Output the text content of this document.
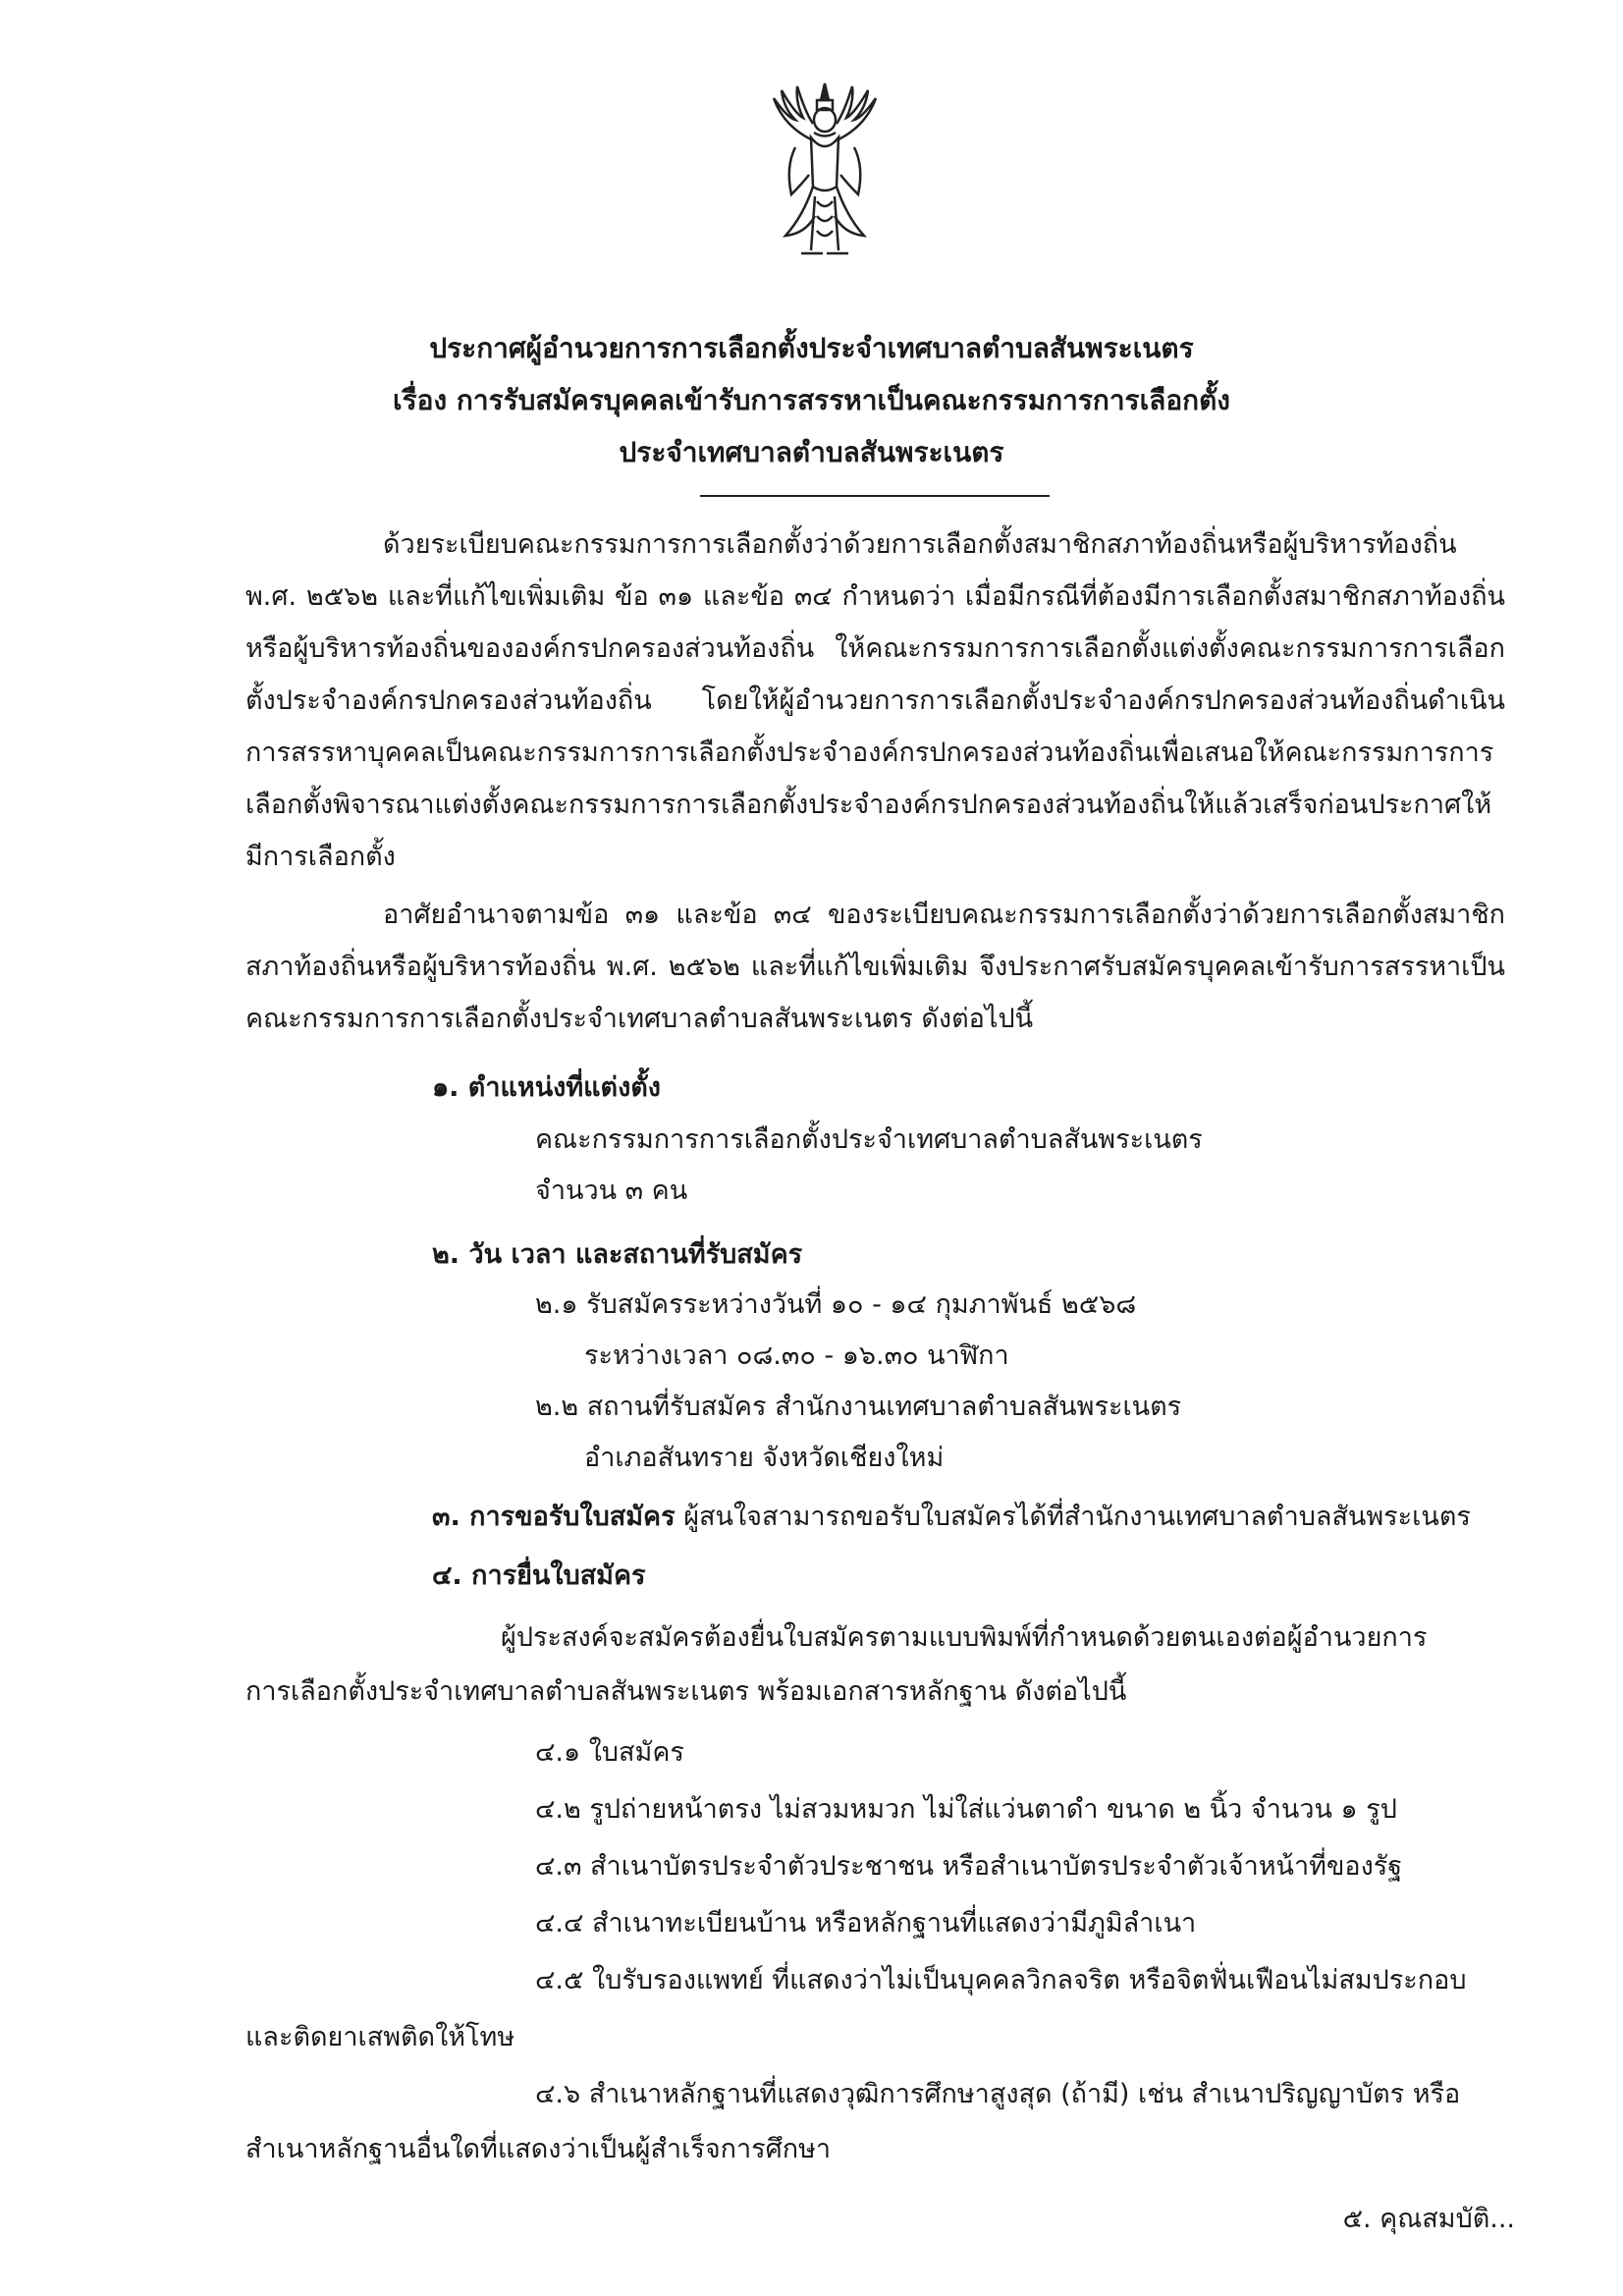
ประกาศผู้อำนวยการการเลือกตั้งประจำเทศบาลตำบลสันพระเนตร
เรื่อง การรับสมัครบุคคลเข้ารับการสรรหาเป็นคณะกรรมการการเลือกตั้ง
ประจำเทศบาลตำบลสันพระเนตร
ด้วยระเบียบคณะกรรมการการเลือกตั้งว่าด้วยการเลือกตั้งสมาชิกสภาท้องถิ่นหรือผู้บริหารท้องถิ่น พ.ศ. ๒๕๖๒ และที่แก้ไขเพิ่มเติม ข้อ ๓๑ และข้อ ๓๔ กำหนดว่า เมื่อมีกรณีที่ต้องมีการเลือกตั้งสมาชิกสภาท้องถิ่นหรือผู้บริหารท้องถิ่นขององค์กรปกครองส่วนท้องถิ่น ให้คณะกรรมการการเลือกตั้งแต่งตั้งคณะกรรมการการเลือกตั้งประจำองค์กรปกครองส่วนท้องถิ่น โดยให้ผู้อำนวยการการเลือกตั้งประจำองค์กรปกครองส่วนท้องถิ่นดำเนินการสรรหาบุคคลเป็นคณะกรรมการการเลือกตั้งประจำองค์กรปกครองส่วนท้องถิ่นเพื่อเสนอให้คณะกรรมการการเลือกตั้งพิจารณาแต่งตั้งคณะกรรมการการเลือกตั้งประจำองค์กรปกครองส่วนท้องถิ่นให้แล้วเสร็จก่อนประกาศให้มีการเลือกตั้ง
อาศัยอำนาจตามข้อ ๓๑ และข้อ ๓๔ ของระเบียบคณะกรรมการเลือกตั้งว่าด้วยการเลือกตั้งสมาชิกสภาท้องถิ่นหรือผู้บริหารท้องถิ่น พ.ศ. ๒๕๖๒ และที่แก้ไขเพิ่มเติม จึงประกาศรับสมัครบุคคลเข้ารับการสรรหาเป็นคณะกรรมการการเลือกตั้งประจำเทศบาลตำบลสันพระเนตร ดังต่อไปนี้
๑. ตำแหน่งที่แต่งตั้ง
คณะกรรมการการเลือกตั้งประจำเทศบาลตำบลสันพระเนตร
จำนวน ๓ คน
๒. วัน เวลา และสถานที่รับสมัคร
๒.๑ รับสมัครระหว่างวันที่ ๑๐ - ๑๔ กุมภาพันธ์ ๒๕๖๘
ระหว่างเวลา ๐๘.๓๐ - ๑๖.๓๐ นาฬิกา
๒.๒ สถานที่รับสมัคร สำนักงานเทศบาลตำบลสันพระเนตร
อำเภอสันทราย จังหวัดเชียงใหม่
๓. การขอรับใบสมัคร ผู้สนใจสามารถขอรับใบสมัครได้ที่สำนักงานเทศบาลตำบลสันพระเนตร
๔. การยื่นใบสมัคร
ผู้ประสงค์จะสมัครต้องยื่นใบสมัครตามแบบพิมพ์ที่กำหนดด้วยตนเองต่อผู้อำนวยการ
การเลือกตั้งประจำเทศบาลตำบลสันพระเนตร พร้อมเอกสารหลักฐาน ดังต่อไปนี้
๔.๑ ใบสมัคร
๔.๒ รูปถ่ายหน้าตรง ไม่สวมหมวก ไม่ใส่แว่นตาดำ ขนาด ๒ นิ้ว จำนวน ๑ รูป
๔.๓ สำเนาบัตรประจำตัวประชาชน หรือสำเนาบัตรประจำตัวเจ้าหน้าที่ของรัฐ
๔.๔ สำเนาทะเบียนบ้าน หรือหลักฐานที่แสดงว่ามีภูมิลำเนา
๔.๕ ใบรับรองแพทย์ ที่แสดงว่าไม่เป็นบุคคลวิกลจริต หรือจิตฟั่นเฟือนไม่สมประกอบ
และติดยาเสพติดให้โทษ
๔.๖ สำเนาหลักฐานที่แสดงวุฒิการศึกษาสูงสุด (ถ้ามี) เช่น สำเนาปริญญาบัตร หรือ
สำเนาหลักฐานอื่นใดที่แสดงว่าเป็นผู้สำเร็จการศึกษา
๕. คุณสมบัติ...
